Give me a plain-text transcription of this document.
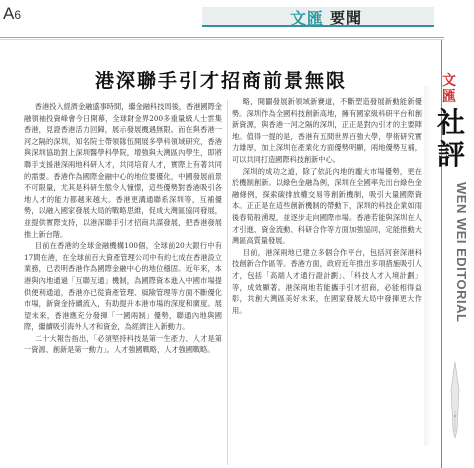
A6	文匯 要聞
港深聯手引才招商前景無限

香港投入經濟金融盛事時間，繼金融科技周後，香港國際金融領袖投資峰會今日開幕，全球財金界200多重量級人士雲集香港，見證香港活力回歸，展示發展機遇無限。而在與香港一河之隔的深圳，知名院士帶領隊伍開展多學科領域研究，香港與深圳協助對上深圳醫學科學院，增強與大灣區內學生，即將聯手支援港深兩地科研人才，共同培育人才，實際上有著共同的需要。香港作為國際金融中心的地位要優化，中國發展前景不可限量，尤其是科研生態令人憧憬，這些優勢對香港吸引各地人才的能力都越來越大。香港更溝通聯系深圳等，互補優勢，以融入國家發展大局的戰略思維，促成大灣區協同發展，並提供實際支持，以港深聯手引才招商共謀發展，把香港發展推上新台階。

目前在香港的全球金融機構100個，全球前20大銀行中有17間在港，在全球前百大資產管理公司中有約七成在香港設立業務，已表明香港作為國際金融中心的地位穩固。近年來，本港與內地通過「互聯互通」機制，為國際資本進入中國市場提供便利通道，香港亦已從資產管理、風險管理等方面不斷優化市場，新資金持續流入，有助提升本港市場的深度和廣度。展望未來，香港應充分發揮「一國兩制」優勢，聯通內地與國際，繼續吸引海外人才和資金，為經濟注入新動力。

二十大報告指出，「必須堅持科技是第一生產力、人才是第一資源、創新是第一動力」。人才強國戰略，人才強國戰略。

略，開闢發展新領域新賽道，不斷塑造發展新動能新優勢。深圳作為全國科技創新高地，擁有國家級科研平台和創新資源，與香港一河之隔的深圳，正正是對內引才的主要陣地。值得一提的是，香港有五間世界百強大學，學術研究實力雄厚，加上深圳在產業化方面優勢明顯，兩地優勢互補，可以共同打造國際科技創新中心。

深圳的成功之道，除了依託內地的龐大市場優勢，更在於機制創新。以綠色金融為例，深圳在全國率先出台綠色金融條例，探索碳排放權交易等創新機制，吸引大量國際資本。正正是在這些創新機制的帶動下，深圳的科技企業如雨後春筍般湧現，並逐步走向國際市場。香港若能與深圳在人才引進、資金流動、科研合作等方面加強協同，定能推動大灣區高質量發展。

目前，港深兩地已建立多個合作平台，包括河套深港科技創新合作區等。香港方面，政府近年推出多項措施吸引人才，包括「高端人才通行證計劃」、「科技人才入境計劃」等，成效顯著。港深兩地若能攜手引才招商，必能相得益彰，共創大灣區美好未來，在國家發展大局中發揮更大作用。

文
匯
社評
WEN WEI EDITORIAL
